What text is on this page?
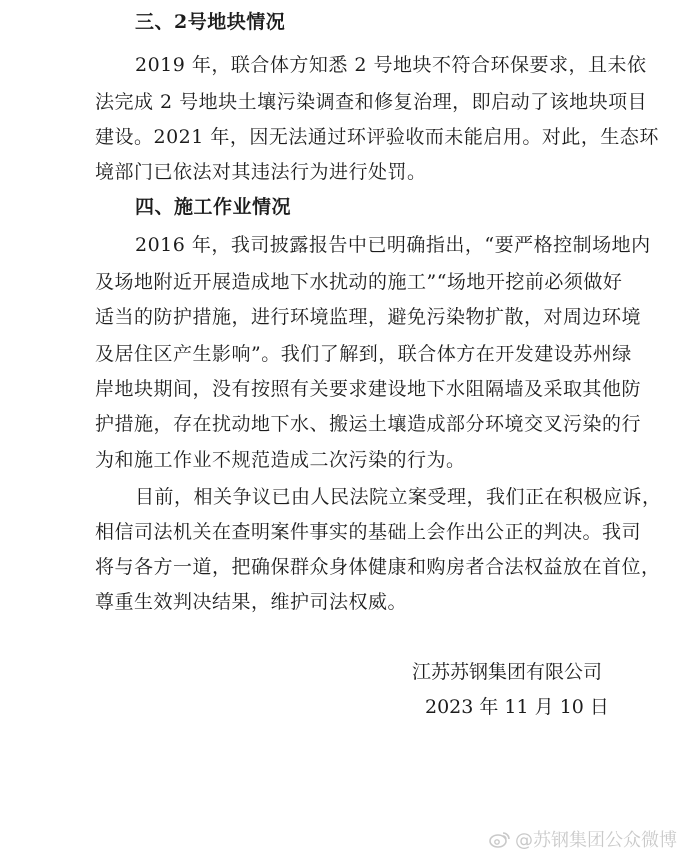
三、2号地块情况
2019 年，联合体方知悉 2 号地块不符合环保要求，且未依
法完成 2 号地块土壤污染调查和修复治理，即启动了该地块项目
建设。2021 年，因无法通过环评验收而未能启用。对此，生态环
境部门已依法对其违法行为进行处罚。
四、施工作业情况
2016 年，我司披露报告中已明确指出，“要严格控制场地内
及场地附近开展造成地下水扰动的施工”“场地开挖前必须做好
适当的防护措施，进行环境监理，避免污染物扩散，对周边环境
及居住区产生影响”。我们了解到，联合体方在开发建设苏州绿
岸地块期间，没有按照有关要求建设地下水阻隔墙及采取其他防
护措施，存在扰动地下水、搬运土壤造成部分环境交叉污染的行
为和施工作业不规范造成二次污染的行为。
目前，相关争议已由人民法院立案受理，我们正在积极应诉，
相信司法机关在查明案件事实的基础上会作出公正的判决。我司
将与各方一道，把确保群众身体健康和购房者合法权益放在首位，
尊重生效判决结果，维护司法权威。
江苏苏钢集团有限公司
2023 年 11 月 10 日
@苏钢集团公众微博
